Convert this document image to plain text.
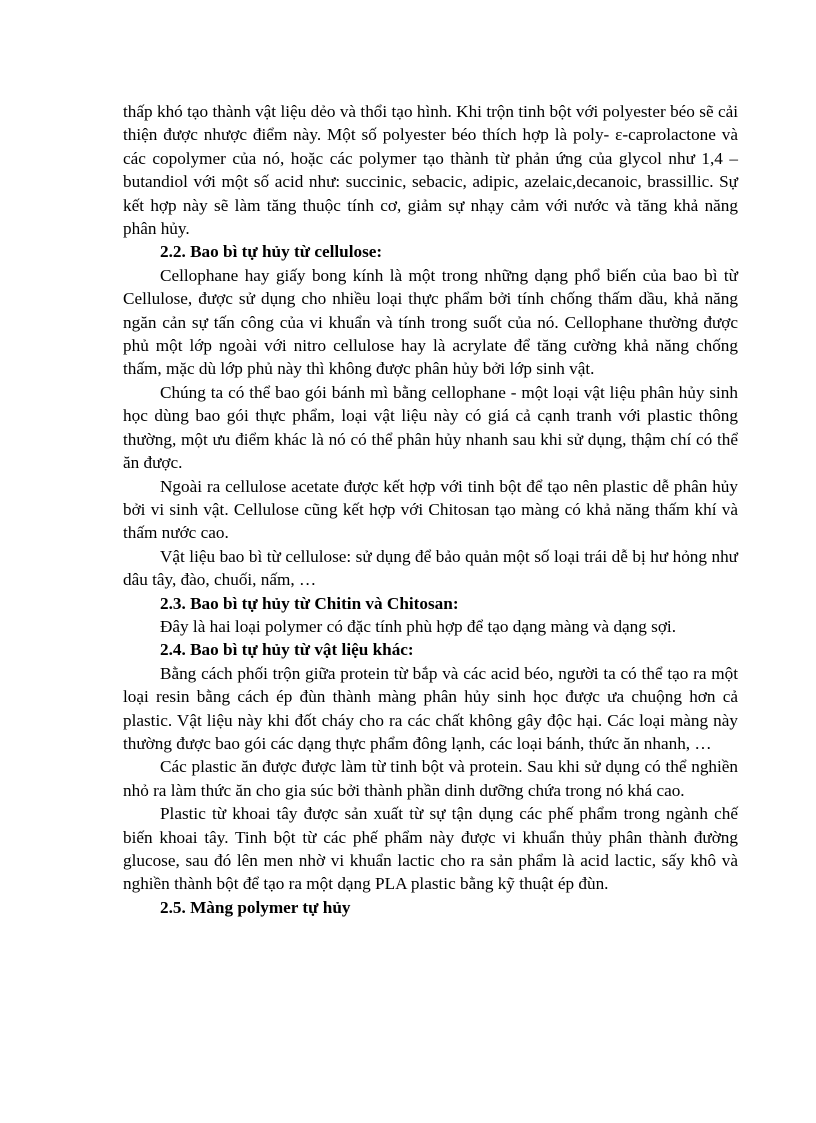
thấp khó tạo thành vật liệu dẻo và thổi tạo hình. Khi trộn tinh bột với polyester béo sẽ cải thiện được nhược điểm này. Một số polyester béo thích hợp là poly- ε-caprolactone và các copolymer của nó, hoặc các polymer tạo thành từ phản ứng của glycol như 1,4 – butandiol với một số acid như: succinic, sebacic, adipic, azelaic,decanoic, brassillic. Sự kết hợp này sẽ làm tăng thuộc tính cơ, giảm sự nhạy cảm với nước và tăng khả năng phân hủy.

2.2. Bao bì tự hủy từ cellulose:

Cellophane hay giấy bong kính là một trong những dạng phổ biến của bao bì từ Cellulose, được sử dụng cho nhiều loại thực phẩm bởi tính chống thấm dầu, khả năng ngăn cản sự tấn công của vi khuẩn và tính trong suốt của nó. Cellophane thường được phủ một lớp ngoài với nitro cellulose hay là acrylate để tăng cường khả năng chống thấm, mặc dù lớp phủ này thì không được phân hủy bởi lớp sinh vật.

Chúng ta có thể bao gói bánh mì bằng cellophane - một loại vật liệu phân hủy sinh học dùng bao gói thực phẩm, loại vật liệu này có giá cả cạnh tranh với plastic thông thường, một ưu điểm khác là nó có thể phân hủy nhanh sau khi sử dụng, thậm chí có thể ăn được.

Ngoài ra cellulose acetate được kết hợp với tinh bột để tạo nên plastic dễ phân hủy bởi vi sinh vật. Cellulose cũng kết hợp với Chitosan tạo màng có khả năng thấm khí và thấm nước cao.

Vật liệu bao bì từ cellulose: sử dụng để bảo quản một số loại trái dễ bị hư hỏng như dâu tây, đào, chuối, nấm, …

2.3. Bao bì tự hủy từ Chitin và Chitosan:

Đây là hai loại polymer có đặc tính phù hợp để tạo dạng màng và dạng sợi.

2.4. Bao bì tự hủy từ vật liệu khác:

Bằng cách phối trộn giữa protein từ bắp và các acid béo, người ta có thể tạo ra một loại resin bằng cách ép đùn thành màng phân hủy sinh học được ưa chuộng hơn cả plastic. Vật liệu này khi đốt cháy cho ra các chất không gây độc hại. Các loại màng này thường được bao gói các dạng thực phẩm đông lạnh, các loại bánh, thức ăn nhanh, …

Các plastic ăn được được làm từ tinh bột và protein. Sau khi sử dụng có thể nghiền nhỏ ra làm thức ăn cho gia súc bởi thành phần dinh dưỡng chứa trong nó khá cao.

Plastic từ khoai tây được sản xuất từ sự tận dụng các phế phẩm trong ngành chế biến khoai tây. Tinh bột từ các phế phẩm này được vi khuẩn thủy phân thành đường glucose, sau đó lên men nhờ vi khuẩn lactic cho ra sản phẩm là acid lactic, sấy khô và nghiền thành bột để tạo ra một dạng PLA plastic bằng kỹ thuật ép đùn.

2.5. Màng polymer tự hủy
